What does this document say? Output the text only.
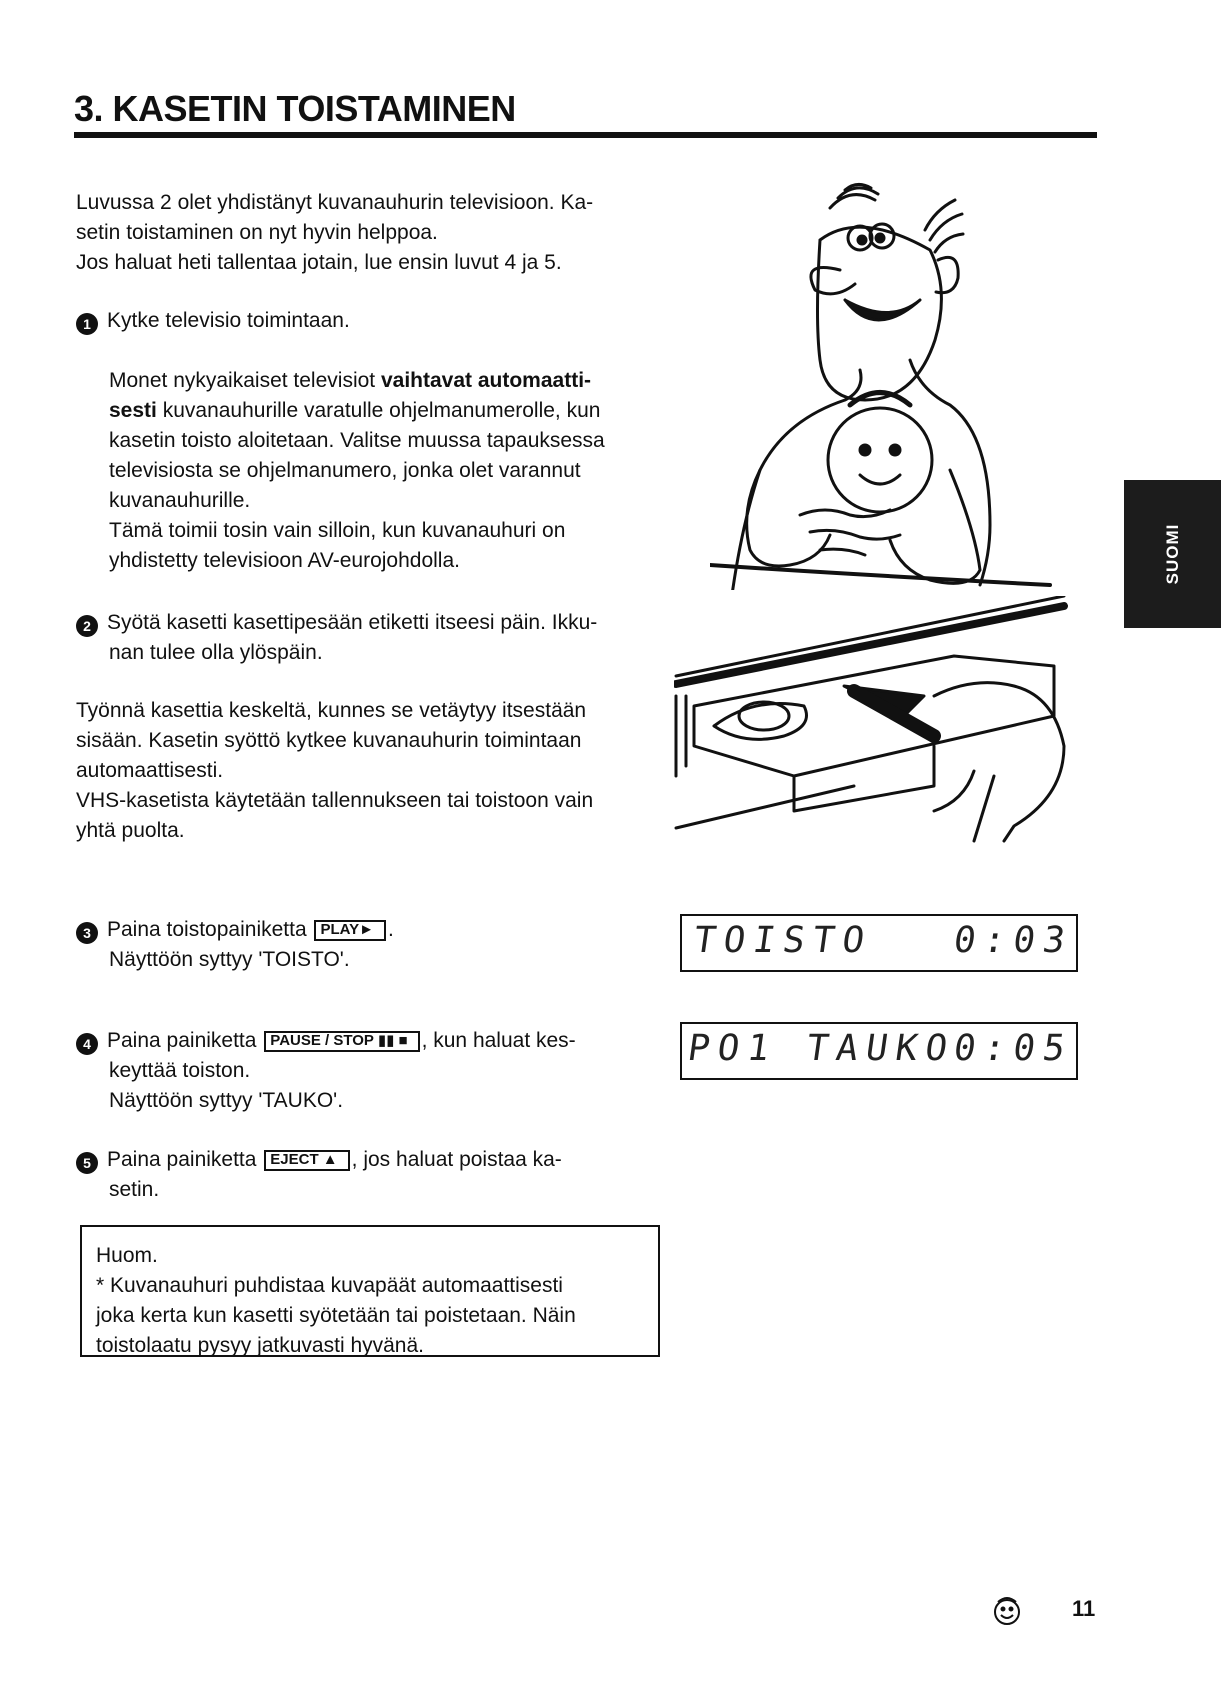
3. KASETIN TOISTAMINEN
Luvussa 2 olet yhdistänyt kuvanauhurin televisioon. Ka-
setin toistaminen on nyt hyvin helppoa.
Jos haluat heti tallentaa jotain, lue ensin luvut 4 ja 5.
1 Kytke televisio toimintaan.
Monet nykyaikaiset televisiot vaihtavat automaatti-
sesti kuvanauhurille varatulle ohjelmanumerolle, kun
kasetin toisto aloitetaan. Valitse muussa tapauksessa
televisiosta se ohjelmanumero, jonka olet varannut
kuvanauhurille.
Tämä toimii tosin vain silloin, kun kuvanauhuri on
yhdistetty televisioon AV-eurojohdolla.
2 Syötä kasetti kasettipesään etiketti itseesi päin. Ikku-
nan tulee olla ylöspäin.
Työnnä kasettia keskeltä, kunnes se vetäytyy itsestään
sisään. Kasetin syöttö kytkee kuvanauhurin toimintaan
automaattisesti.
VHS-kasetista käytetään tallennukseen tai toistoon vain
yhtä puolta.
3 Paina toistopainiketta PLAY► .
Näyttöön syttyy 'TOISTO'.
4 Paina painiketta PAUSE / STOP ▮▮ ■ , kun haluat kes-
keyttää toiston.
Näyttöön syttyy 'TAUKO'.
5 Paina painiketta EJECT ▲ , jos haluat poistaa ka-
setin.
TOISTO 0:03
PO1 TAUKO
0:05
Huom.
* Kuvanauhuri puhdistaa kuvapäät automaattisesti
joka kerta kun kasetti syötetään tai poistetaan. Näin
toistolaatu pysyy jatkuvasti hyvänä.
SUOMI
11
